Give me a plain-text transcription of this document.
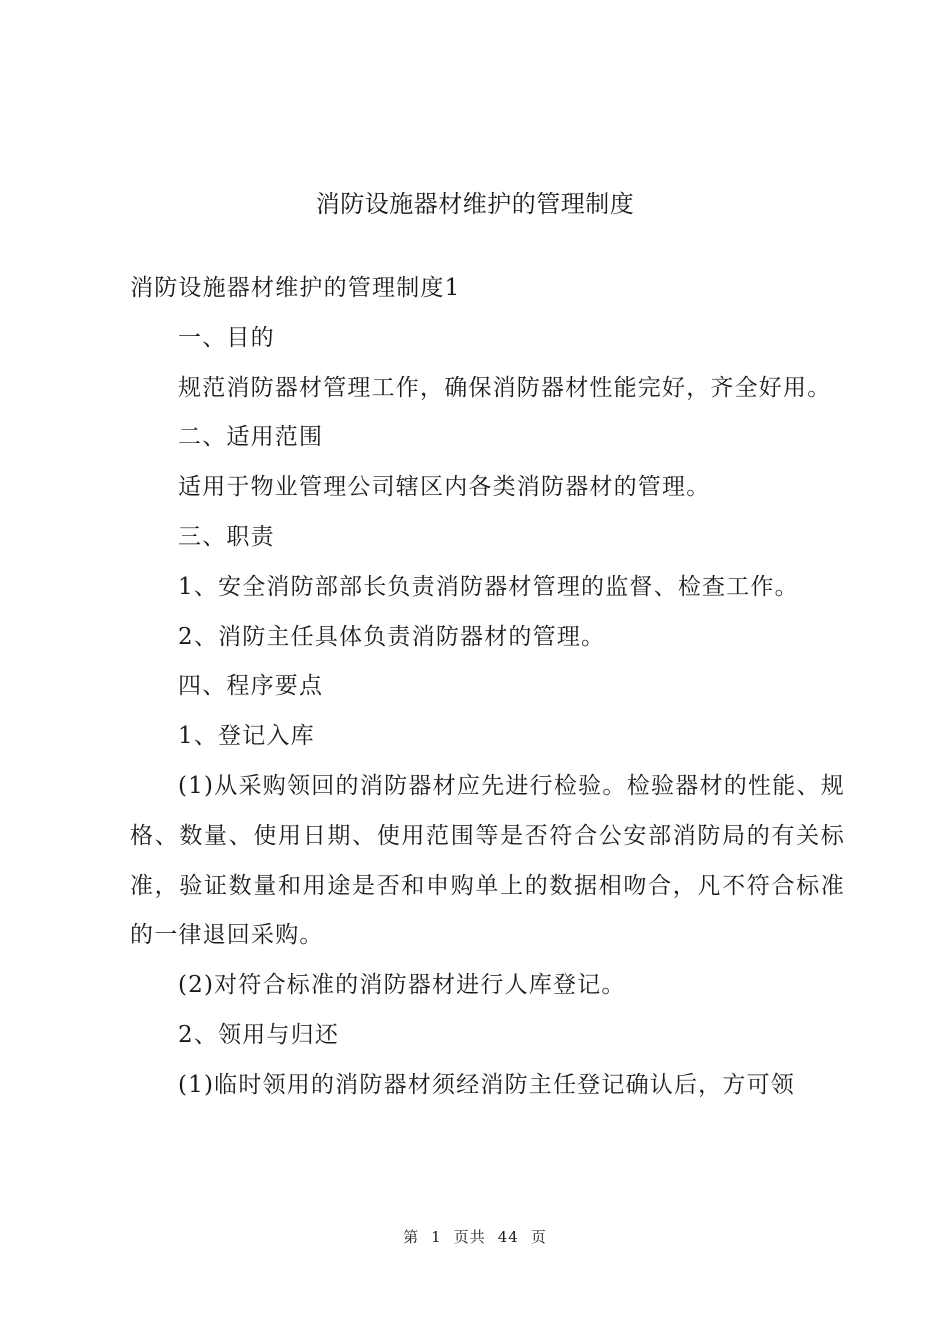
消防设施器材维护的管理制度

消防设施器材维护的管理制度1

一、目的

规范消防器材管理工作，确保消防器材性能完好，齐全好用。

二、适用范围

适用于物业管理公司辖区内各类消防器材的管理。

三、职责

1、安全消防部部长负责消防器材管理的监督、检查工作。

2、消防主任具体负责消防器材的管理。

四、程序要点

1、登记入库

(1)从采购领回的消防器材应先进行检验。检验器材的性能、规格、数量、使用日期、使用范围等是否符合公安部消防局的有关标准，验证数量和用途是否和申购单上的数据相吻合，凡不符合标准的一律退回采购。

(2)对符合标准的消防器材进行人库登记。

2、领用与归还

(1)临时领用的消防器材须经消防主任登记确认后，方可领

第 1 页共 44 页
